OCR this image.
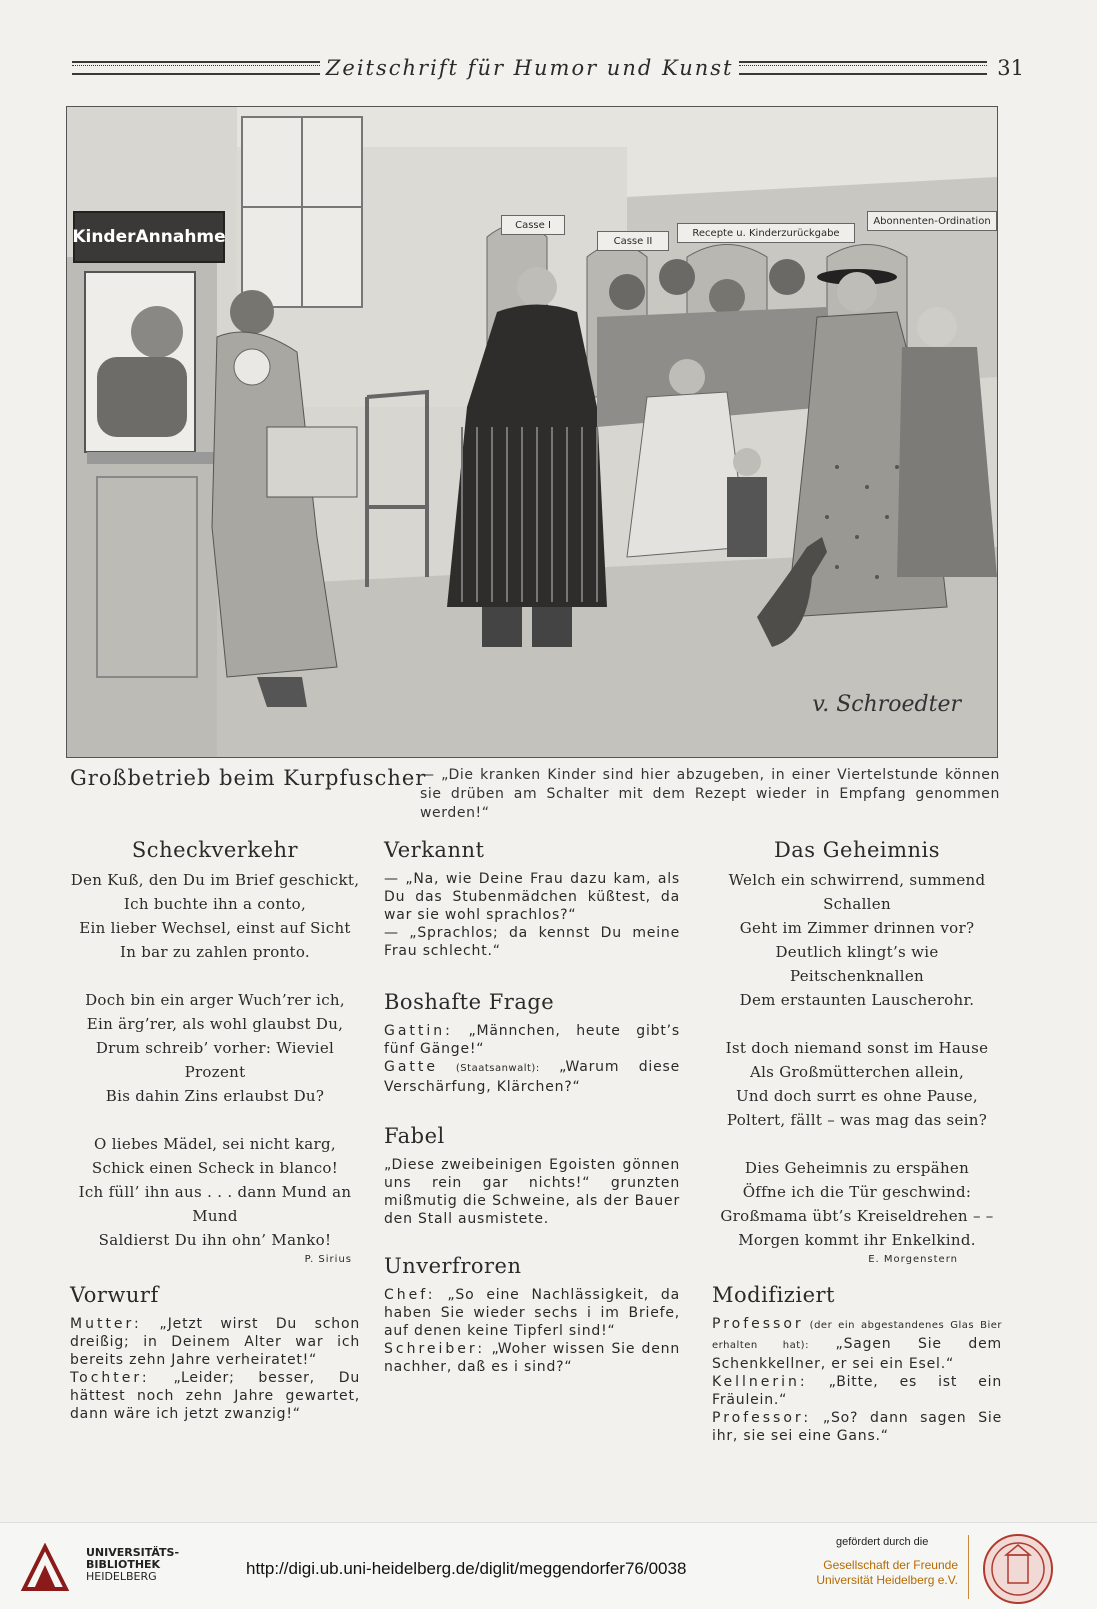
Zeitschrift für Humor und Kunst	31
KinderAnnahme
Casse I
Casse II
Recepte u. Kinderzurückgabe
Abonnenten-Ordination
v. Schroedter
Großbetrieb beim Kurpfuscher
— „Die kranken Kinder sind hier abzugeben, in einer Viertelstunde können sie drüben am Schalter mit dem Rezept wieder in Empfang genommen werden!“
Scheckverkehr

Den Kuß, den Du im Brief geschickt,
Ich buchte ihn a conto,
Ein lieber Wechsel, einst auf Sicht
In bar zu zahlen pronto.

Doch bin ein arger Wuch’rer ich,
Ein ärg’rer, als wohl glaubst Du,
Drum schreib’ vorher: Wieviel Prozent
Bis dahin Zins erlaubst Du?

O liebes Mädel, sei nicht karg,
Schick einen Scheck in blanco!
Ich füll’ ihn aus . . . dann Mund an Mund
Saldierst Du ihn ohn’ Manko!

P. Sirius
Vorwurf

Mutter: „Jetzt wirst Du schon dreißig; in Deinem Alter war ich bereits zehn Jahre verheiratet!“

Tochter: „Leider; besser, Du hättest noch zehn Jahre gewartet, dann wäre ich jetzt zwanzig!“

Verkannt

— „Na, wie Deine Frau dazu kam, als Du das Stubenmädchen küßtest, da war sie wohl sprachlos?“

— „Sprachlos; da kennst Du meine Frau schlecht.“

Boshafte Frage

Gattin: „Männchen, heute gibt’s fünf Gänge!“

Gatte (Staatsanwalt): „Warum diese Verschärfung, Klärchen?“

Fabel

„Diese zweibeinigen Egoisten gönnen uns rein gar nichts!“ grunzten mißmutig die Schweine, als der Bauer den Stall ausmistete.

Unverfroren

Chef: „So eine Nachlässigkeit, da haben Sie wieder sechs i im Briefe, auf denen keine Tipferl sind!“

Schreiber: „Woher wissen Sie denn nachher, daß es i sind?“

Das Geheimnis

Welch ein schwirrend, summend Schallen
Geht im Zimmer drinnen vor?
Deutlich klingt’s wie Peitschenknallen
Dem erstaunten Lauscherohr.

Ist doch niemand sonst im Hause
Als Großmütterchen allein,
Und doch surrt es ohne Pause,
Poltert, fällt – was mag das sein?

Dies Geheimnis zu erspähen
Öffne ich die Tür geschwind:
Großmama übt’s Kreiseldrehen – –
Morgen kommt ihr Enkelkind.

E. Morgenstern
Modifiziert

Professor (der ein abgestandenes Glas Bier erhalten hat): „Sagen Sie dem Schenkkellner, er sei ein Esel.“

Kellnerin: „Bitte, es ist ein Fräulein.“

Professor: „So? dann sagen Sie ihr, sie sei eine Gans.“

UNIVERSITÄTS-
BIBLIOTHEK
HEIDELBERG	http://digi.ub.uni-heidelberg.de/diglit/meggendorfer76/0038
gefördert durch die
Gesellschaft der Freunde
Universität Heidelberg e.V.
